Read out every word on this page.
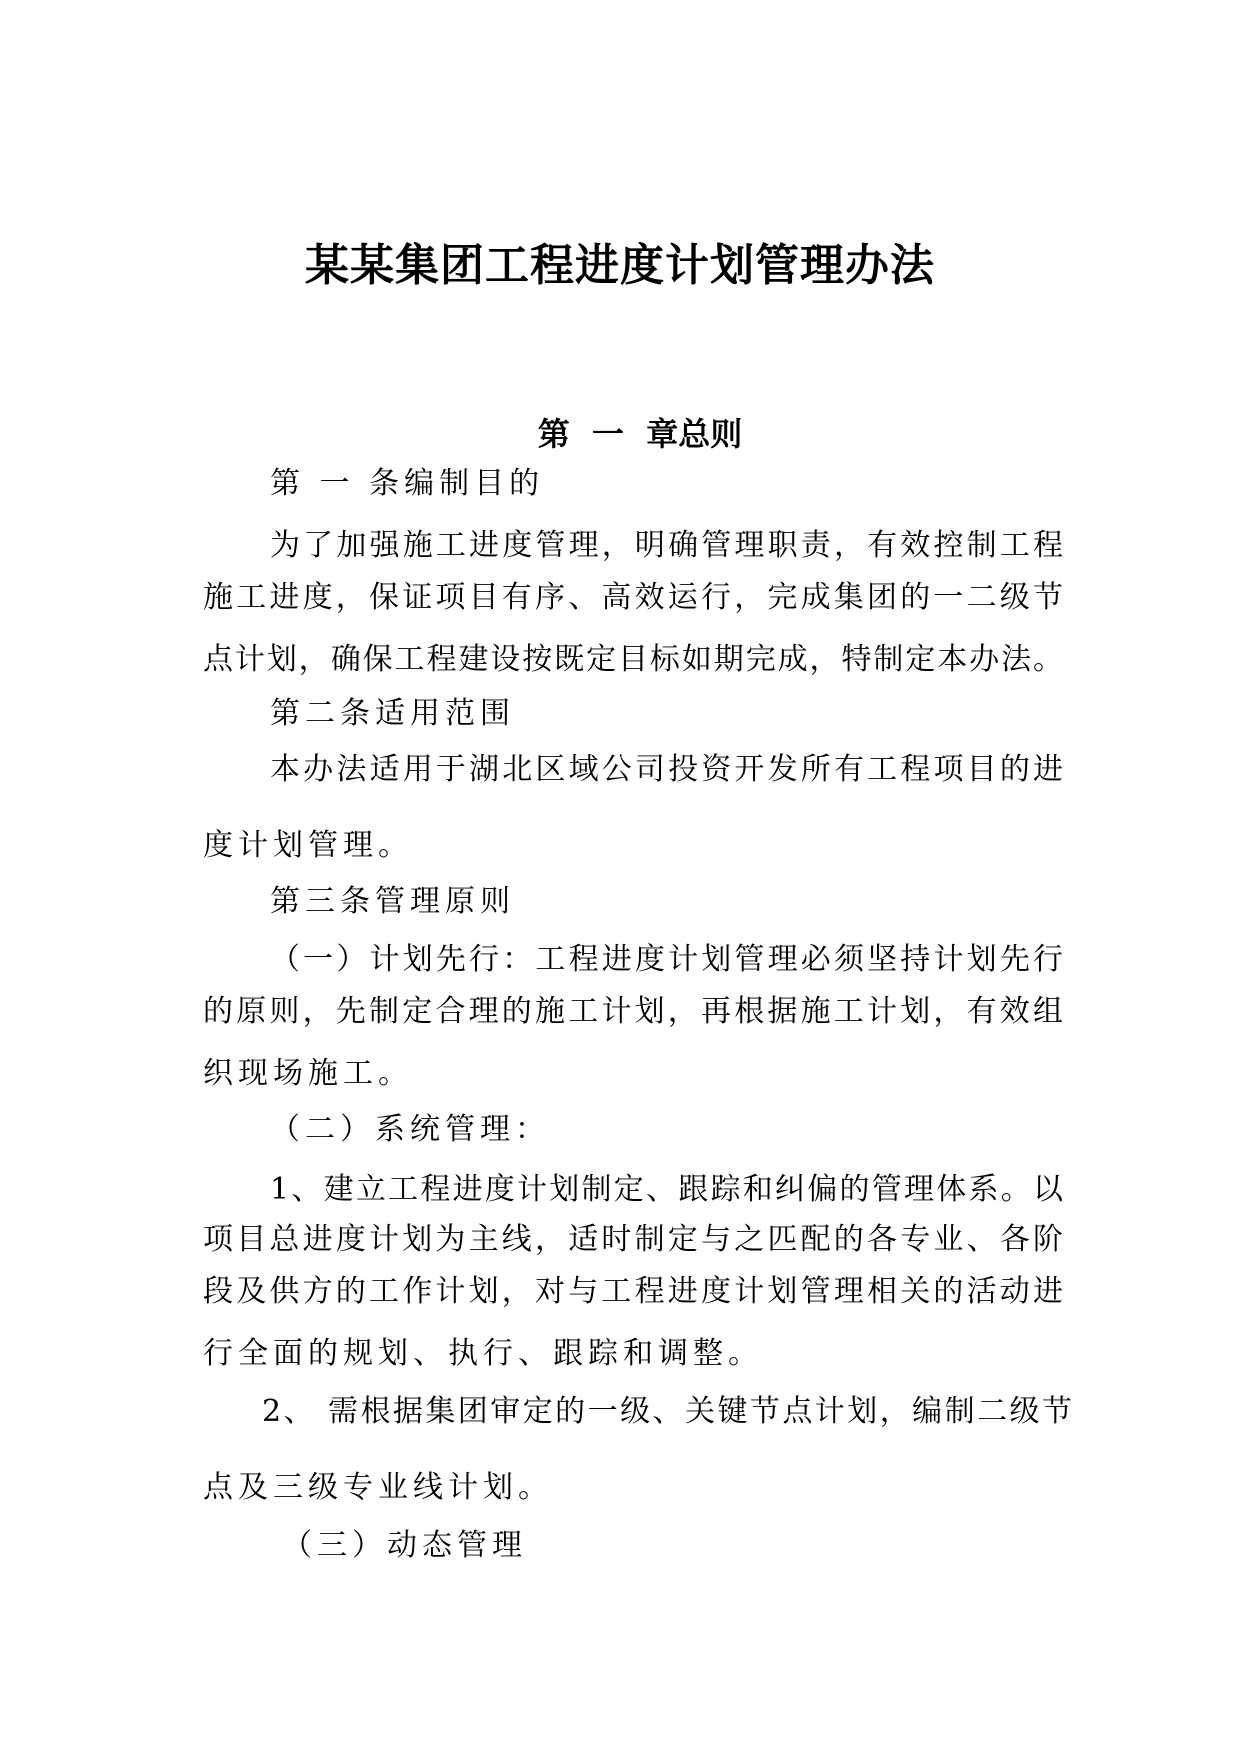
某某集团工程进度计划管理办法
第  一  章总则
第 一 条编制目的
为了加强施工进度管理，明确管理职责，有效控制工程
施工进度，保证项目有序、高效运行，完成集团的一二级节
点计划，确保工程建设按既定目标如期完成，特制定本办法。
第二条适用范围
本办法适用于湖北区域公司投资开发所有工程项目的进
度计划管理。
第三条管理原则
（一）计划先行：工程进度计划管理必须坚持计划先行
的原则，先制定合理的施工计划，再根据施工计划，有效组
织现场施工。
（二）系统管理：
1、建立工程进度计划制定、跟踪和纠偏的管理体系。以
项目总进度计划为主线，适时制定与之匹配的各专业、各阶
段及供方的工作计划，对与工程进度计划管理相关的活动进
行全面的规划、执行、跟踪和调整。
2、 需根据集团审定的一级、关键节点计划，编制二级节
点及三级专业线计划。
（三）动态管理
